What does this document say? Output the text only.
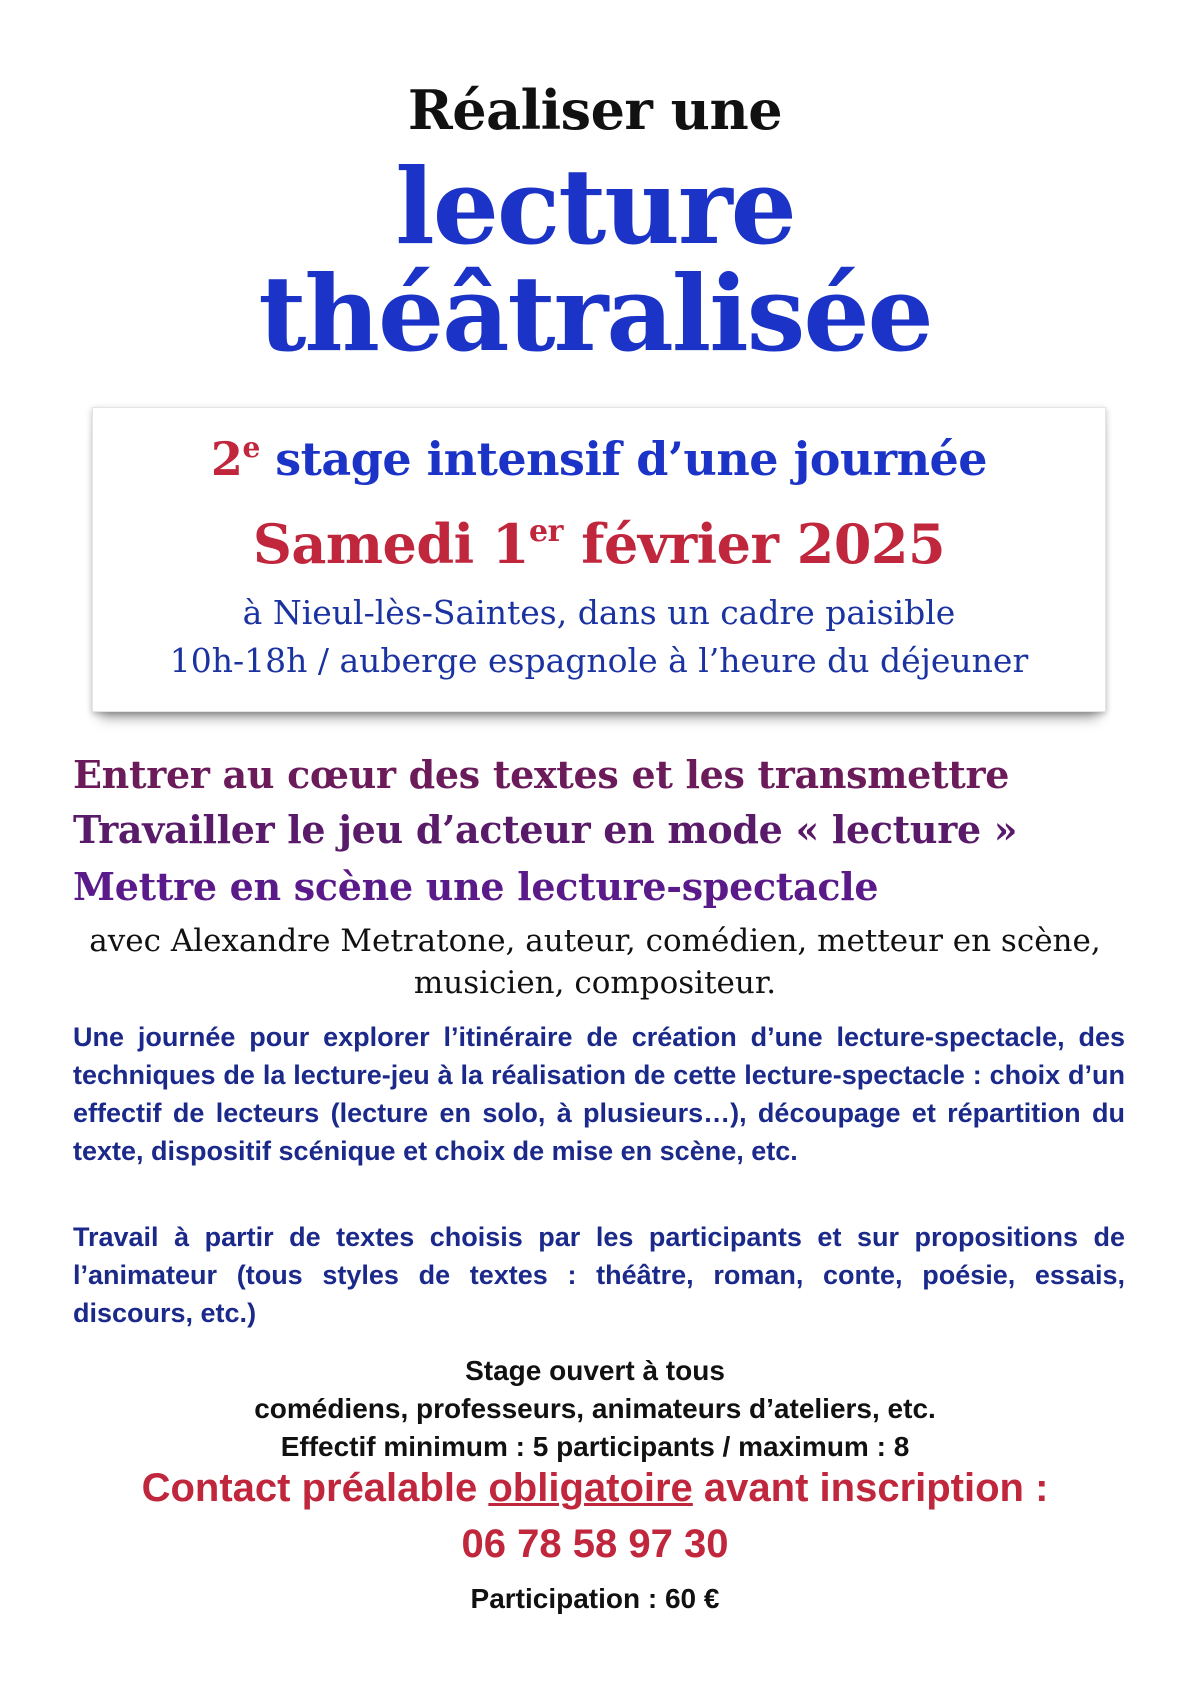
Réaliser une
lecture
théâtralisée
2e stage intensif d’une journée
Samedi 1er février 2025
à Nieul-lès-Saintes, dans un cadre paisible
10h-18h / auberge espagnole à l’heure du déjeuner
Entrer au cœur des textes et les transmettre
Travailler le jeu d’acteur en mode « lecture »
Mettre en scène une lecture-spectacle
avec Alexandre Metratone, auteur, comédien, metteur en scène, musicien, compositeur.
Une journée pour explorer l’itinéraire de création d’une lecture-spectacle, des techniques de la lecture-jeu à la réalisation de cette lecture-spectacle : choix d’un effectif de lecteurs (lecture en solo, à plusieurs…), découpage et répartition du texte, dispositif scénique et choix de mise en scène, etc.
Travail à partir de textes choisis par les participants et sur propositions de l’animateur (tous styles de textes : théâtre, roman, conte, poésie, essais, discours, etc.)
Stage ouvert à tous
comédiens, professeurs, animateurs d’ateliers, etc.
Effectif minimum : 5 participants / maximum : 8
Contact préalable obligatoire avant inscription :
06 78 58 97 30
Participation : 60 €
